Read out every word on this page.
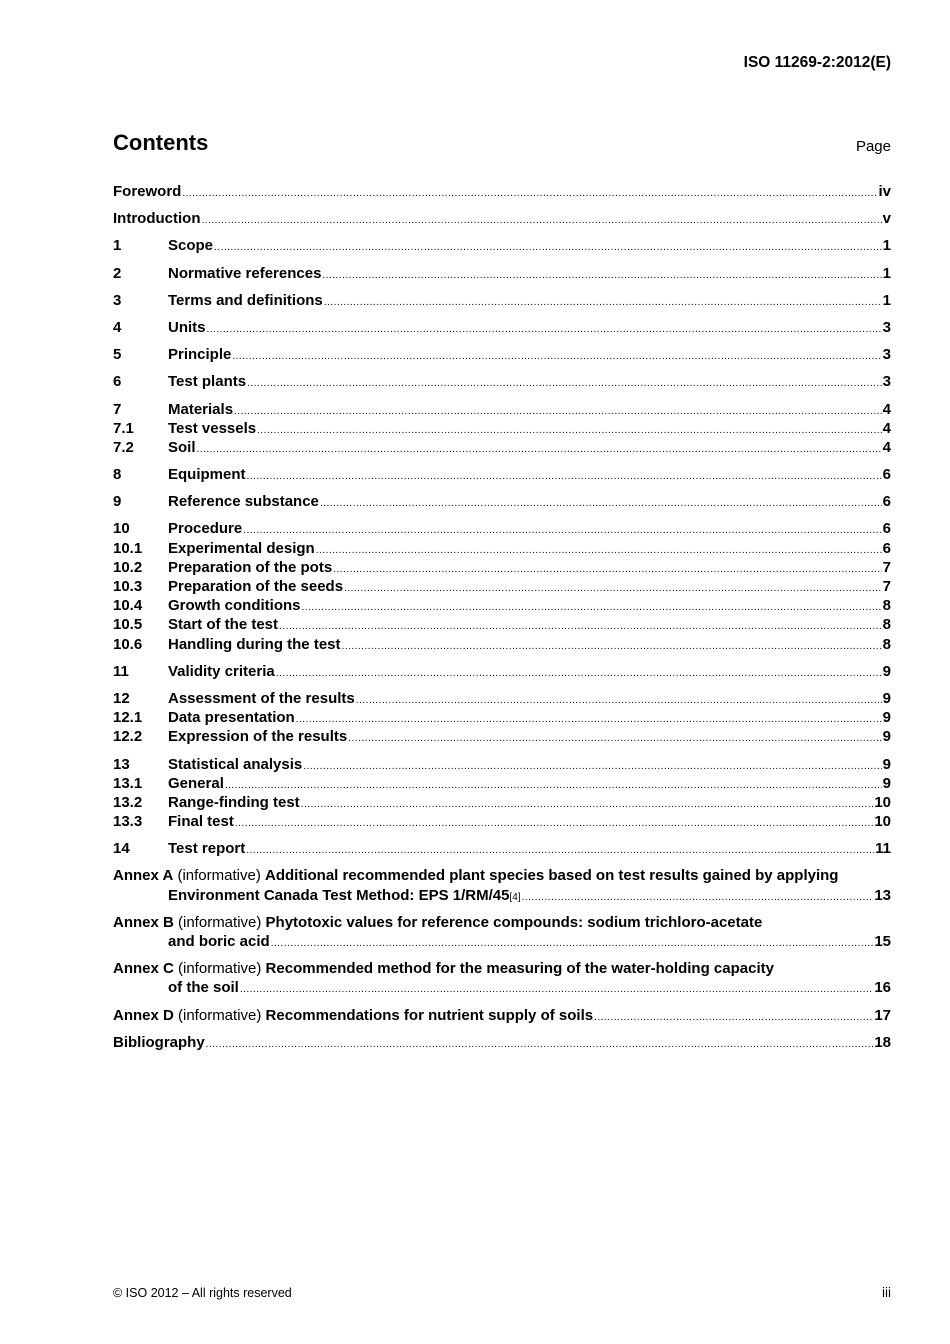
ISO 11269-2:2012(E)
Contents	Page
Foreword .....	iv
Introduction .....	v
1	Scope .....	1
2	Normative references .....	1
3	Terms and definitions .....	1
4	Units .....	3
5	Principle .....	3
6	Test plants .....	3
7	Materials .....	4
7.1	Test vessels .....	4
7.2	Soil .....	4
8	Equipment .....	6
9	Reference substance .....	6
10	Procedure .....	6
10.1	Experimental design .....	6
10.2	Preparation of the pots .....	7
10.3	Preparation of the seeds .....	7
10.4	Growth conditions .....	8
10.5	Start of the test .....	8
10.6	Handling during the test .....	8
11	Validity criteria .....	9
12	Assessment of the results .....	9
12.1	Data presentation .....	9
12.2	Expression of the results .....	9
13	Statistical analysis .....	9
13.1	General .....	9
13.2	Range-finding test .....	10
13.3	Final test .....	10
14	Test report .....	11
Annex A
(informative)
Additional recommended plant species based on test results gained by applying
Environment Canada Test Method: EPS 1/RM/45 [4] .....	13
Annex B
(informative)
Phytotoxic values for reference compounds: sodium trichloro-acetate
and boric acid .....	15
Annex C
(informative)
Recommended method for the measuring of the water-holding capacity
of the soil .....	16
Annex D
(informative)
Recommendations for nutrient supply of soils .....	17
Bibliography .....	18
© ISO 2012 – All rights reserved	iii
